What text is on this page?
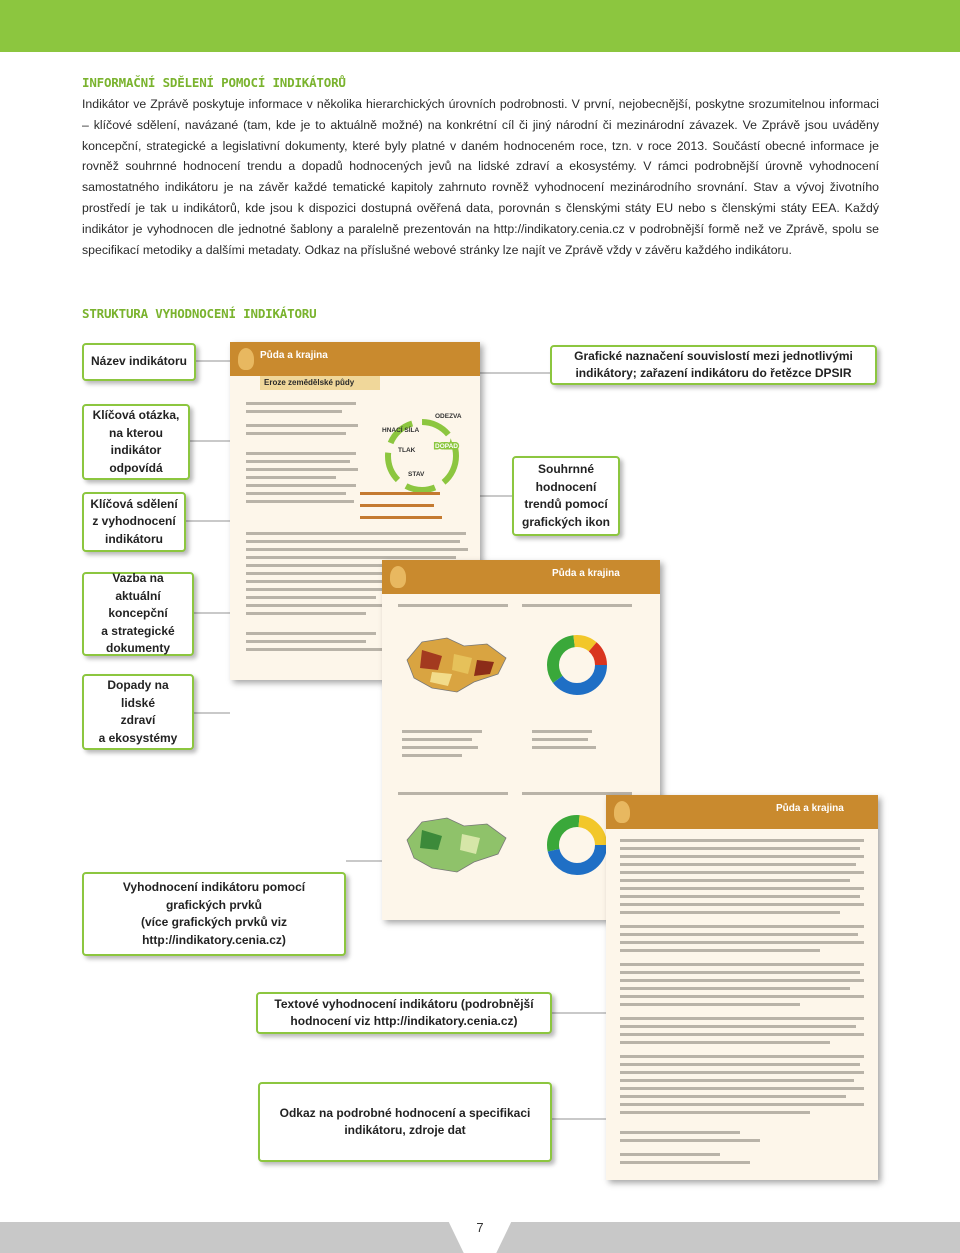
INFORMAČNÍ SDĚLENÍ POMOCÍ INDIKÁTORŮ
Indikátor ve Zprávě poskytuje informace v několika hierarchických úrovních podrobnosti. V první, nejobecnější, poskytne srozumitelnou informaci – klíčové sdělení, navázané (tam, kde je to aktuálně možné) na konkrétní cíl či jiný národní či mezinárodní závazek. Ve Zprávě jsou uváděny koncepční, strategické a legislativní dokumenty, které byly platné v daném hodnoceném roce, tzn. v roce 2013. Součástí obecné informace je rovněž souhrnné hodnocení trendu a dopadů hodnocených jevů na lidské zdraví a ekosystémy. V rámci podrobnější úrovně vyhodnocení samostatného indikátoru je na závěr každé tematické kapitoly zahrnuto rovněž vyhodnocení mezinárodního srovnání. Stav a vývoj životního prostředí je tak u indikátorů, kde jsou k dispozici dostupná ověřená data, porovnán s členskými státy EU nebo s členskými státy EEA. Každý indikátor je vyhodnocen dle jednotné šablony a paralelně prezentován na http://indikatory.cenia.cz v podrobnější formě než ve Zprávě, spolu se specifikací metodiky a dalšími metadaty. Odkaz na příslušné webové stránky lze najít ve Zprávě vždy v závěru každého indikátoru.
STRUKTURA VYHODNOCENÍ INDIKÁTORU
Půda a krajina
Eroze zemědělské půdy
HNACÍ SÍLA
ODEZVA
TLAK
DOPAD
STAV
Půda a krajina
Půda a krajina
Název indikátoru	Grafické naznačení souvislostí mezi jednotlivými
indikátory; zařazení indikátoru do řetězce DPSIR
Klíčová otázka,
na kterou
indikátor
odpovídá
Klíčová sdělení
z vyhodnocení
indikátoru
Souhrnné
hodnocení
trendů pomocí
grafických ikon
Vazba na aktuální
koncepční
a strategické
dokumenty
Dopady na lidské
zdraví
a ekosystémy
Vyhodnocení indikátoru pomocí
grafických prvků
(více grafických prvků viz
http://indikatory.cenia.cz)
Textové vyhodnocení indikátoru (podrobnější
hodnocení viz http://indikatory.cenia.cz)
Odkaz na podrobné hodnocení a specifikaci
indikátoru, zdroje dat
7
